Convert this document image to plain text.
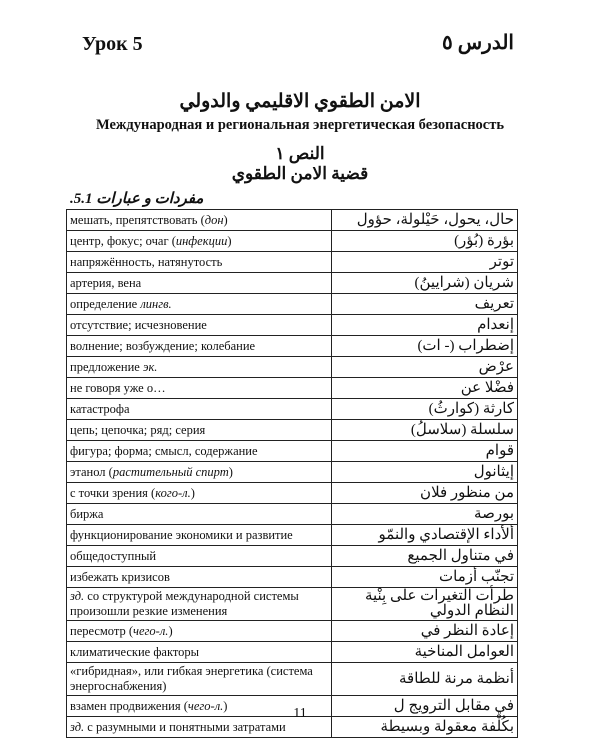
Урок 5	الدرس ٥
الامن الطقوي الاقليمي والدولي
Международная и региональная энергетическая безопасность
النص ١
قضية الامن الطقوي
مفردات و عبارات 5.1.
мешать, препятствовать (дон)	حال، يحول، حَيْلولة، حؤول
центр, фокус; очаг (инфекции)	بؤرة (بُؤر)
напряжённость, натянутость	توتر
артерия, вена	شريان (شرايينُ)
определение лингв.	تعريف
отсутствие; исчезновение	إنعدام
волнение; возбуждение; колебание	إضطراب (- ات)
предложение эк.	عرْض
не говоря уже о…	فضْلا عن
катастрофа	كارثة (كوارثُ)
цепь; цепочка; ряд; серия	سلسلة (سلاسلُ)
фигура; форма; смысл, содержание	قوام
этанол (растительный спирт)	إيثانول
с точки зрения (кого-л.)	من منظور فلان
биржа	بورصة
функционирование экономики и развитие	ألأداء الإقتصادي والنمّو
общедоступный	في متناول الجميع
избежать кризисов	تجنّب أزمات
зд. со структурой международной системы произошли резкие изменения	طرأت التغيرات على بِنْية النظام الدولي
пересмотр (чего-л.)	إعادة النظر في
климатические факторы	العوامل المناخية
«гибридная», или гибкая энергетика (система энергоснабжения)	أنظمة مرنة للطاقة
взамен продвижения (чего-л.)	في مقابل الترويج ل
зд. с разумными и понятными затратами	بكُلْفة معقولة وبسيطة
11
